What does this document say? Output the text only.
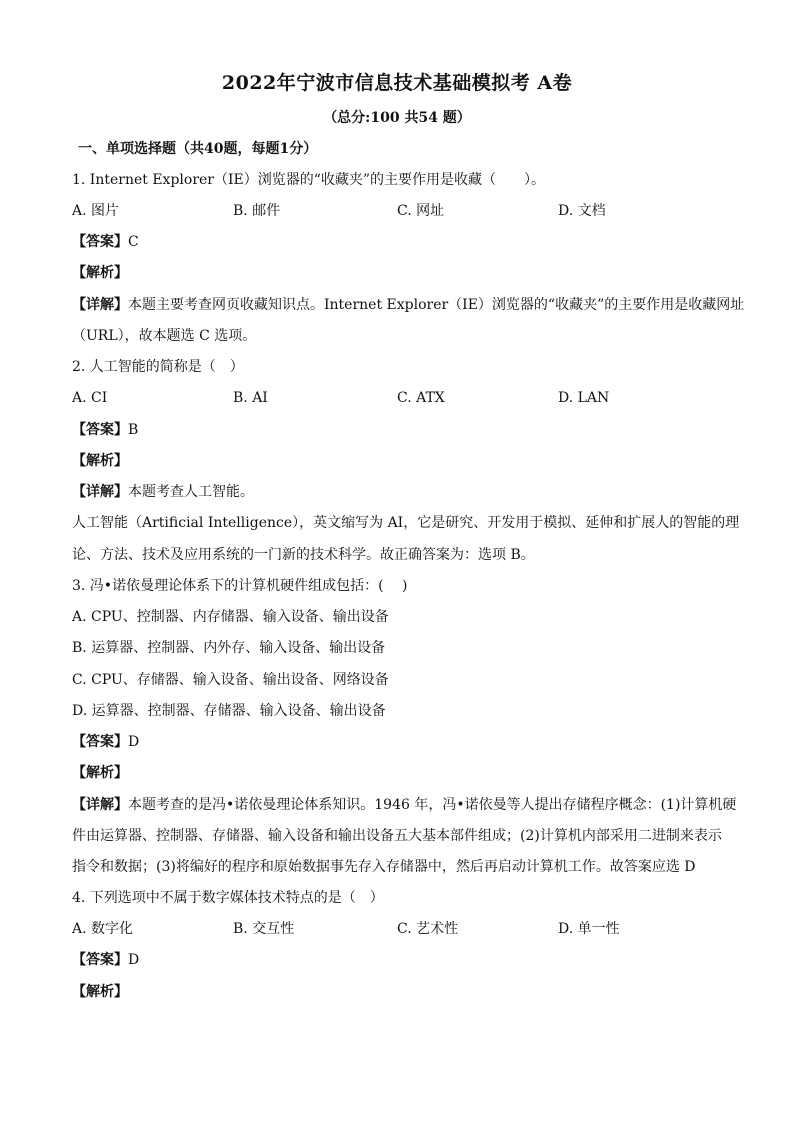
2022年宁波市信息技术基础模拟考 A卷
（总分:100 共54 题）
一、单项选择题（共40题，每题1分）
1. Internet Explorer（IE）浏览器的“收藏夹”的主要作用是收藏（　　）。
A. 图片	B. 邮件	C. 网址	D. 文档
【答案】C
【解析】
【详解】本题主要考查网页收藏知识点。Internet Explorer（IE）浏览器的“收藏夹”的主要作用是收藏网址
（URL），故本题选 C 选项。
2. 人工智能的简称是（　）
A. CI	B. AI	C. ATX	D. LAN
【答案】B
【解析】
【详解】本题考查人工智能。
人工智能（Artificial Intelligence），英文缩写为 AI，它是研究、开发用于模拟、延伸和扩展人的智能的理
论、方法、技术及应用系统的一门新的技术科学。故正确答案为：选项 B。
3. 冯•诺依曼理论体系下的计算机硬件组成包括：(　 )
A. CPU、控制器、内存储器、输入设备、输出设备
B. 运算器、控制器、内外存、输入设备、输出设备
C. CPU、存储器、输入设备、输出设备、网络设备
D. 运算器、控制器、存储器、输入设备、输出设备
【答案】D
【解析】
【详解】本题考查的是冯•诺依曼理论体系知识。1946 年，冯•诺依曼等人提出存储程序概念：(1)计算机硬
件由运算器、控制器、存储器、输入设备和输出设备五大基本部件组成；(2)计算机内部采用二进制来表示
指令和数据；(3)将编好的程序和原始数据事先存入存储器中，然后再启动计算机工作。故答案应选 D
4. 下列选项中不属于数字媒体技术特点的是（　）
A. 数字化	B. 交互性	C. 艺术性	D. 单一性
【答案】D
【解析】
